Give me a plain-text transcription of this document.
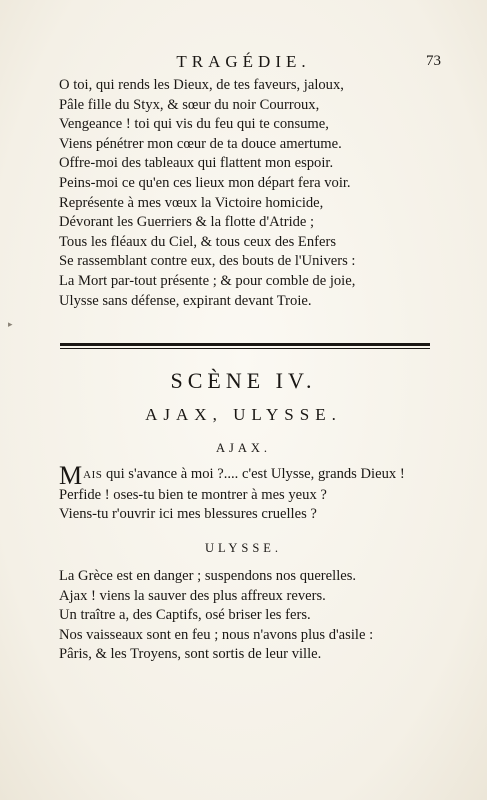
TRAGÉDIE.	73
O toi, qui rends les Dieux, de tes faveurs, jaloux,
Pâle fille du Styx, & sœur du noir Courroux,
Vengeance ! toi qui vis du feu qui te consume,
Viens pénétrer mon cœur de ta douce amertume.
Offre-moi des tableaux qui flattent mon espoir.
Peins-moi ce qu'en ces lieux mon départ fera voir.
Représente à mes vœux la Victoire homicide,
Dévorant les Guerriers & la flotte d'Atride ;
Tous les fléaux du Ciel, & tous ceux des Enfers
Se rassemblant contre eux, des bouts de l'Univers :
La Mort par-tout présente ; & pour comble de joie,
Ulysse sans défense, expirant devant Troie.
SCÈNE IV.
AJAX, ULYSSE.
AJAX.
MAIS qui s'avance à moi ?.... c'est Ulysse, grands Dieux !
Perfide ! oses-tu bien te montrer à mes yeux ?
Viens-tu r'ouvrir ici mes blessures cruelles ?
ULYSSE.
La Grèce est en danger ; suspendons nos querelles.
Ajax ! viens la sauver des plus affreux revers.
Un traître a, des Captifs, osé briser les fers.
Nos vaisseaux sont en feu ; nous n'avons plus d'asile :
Pâris, & les Troyens, sont sortis de leur ville.
▸
